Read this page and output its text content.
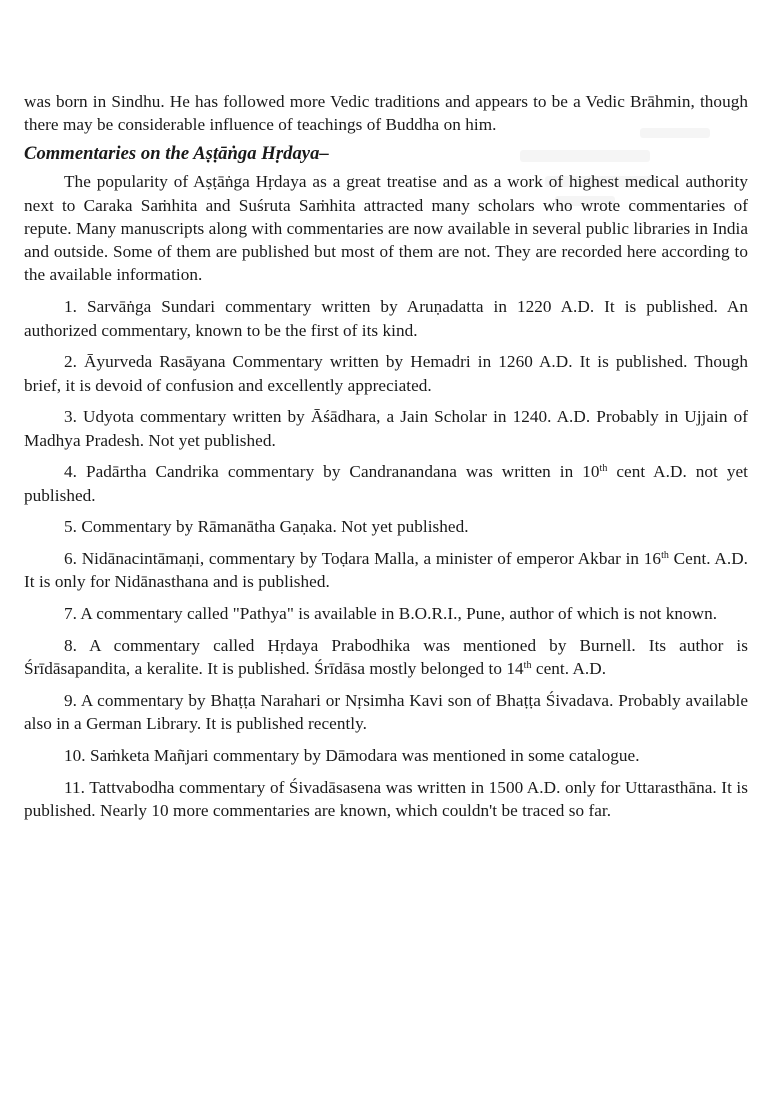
was born in Sindhu. He has followed more Vedic traditions and appears to be a Vedic Brāhmin, though there may be considerable influence of teachings of Buddha on him.

Commentaries on the Aṣṭāṅga Hṛdaya–

The popularity of Aṣṭāṅga Hṛdaya as a great treatise and as a work of highest medical authority next to Caraka Saṁhita and Suśruta Saṁhita attracted many scholars who wrote commentaries of repute. Many manuscripts along with commentaries are now available in several public libraries in India and outside. Some of them are published but most of them are not. They are recorded here according to the available information.

1. Sarvāṅga Sundari commentary written by Aruṇadatta in 1220 A.D. It is published. An authorized commentary, known to be the first of its kind.
2. Āyurveda Rasāyana Commentary written by Hemadri in 1260 A.D. It is published. Though brief, it is devoid of confusion and excellently appreciated.
3. Udyota commentary written by Āśādhara, a Jain Scholar in 1240. A.D. Probably in Ujjain of Madhya Pradesh. Not yet published.
4. Padārtha Candrika commentary by Candranandana was written in 10th cent A.D. not yet published.
5. Commentary by Rāmanātha Gaṇaka. Not yet published.
6. Nidānacintāmaṇi, commentary by Toḍara Malla, a minister of emperor Akbar in 16th Cent. A.D. It is only for Nidānasthana and is published.
7. A commentary called "Pathya" is available in B.O.R.I., Pune, author of which is not known.
8. A commentary called Hṛdaya Prabodhika was mentioned by Burnell. Its author is Śrīdāsapandita, a keralite. It is published. Śrīdāsa mostly belonged to 14th cent. A.D.
9. A commentary by Bhaṭṭa Narahari or Nṛsimha Kavi son of Bhaṭṭa Śivadava. Probably available also in a German Library. It is published recently.
10. Saṁketa Mañjari commentary by Dāmodara was mentioned in some catalogue.
11. Tattvabodha commentary of Śivadāsasena was written in 1500 A.D. only for Uttarasthāna. It is published. Nearly 10 more commentaries are known, which couldn't be traced so far.
